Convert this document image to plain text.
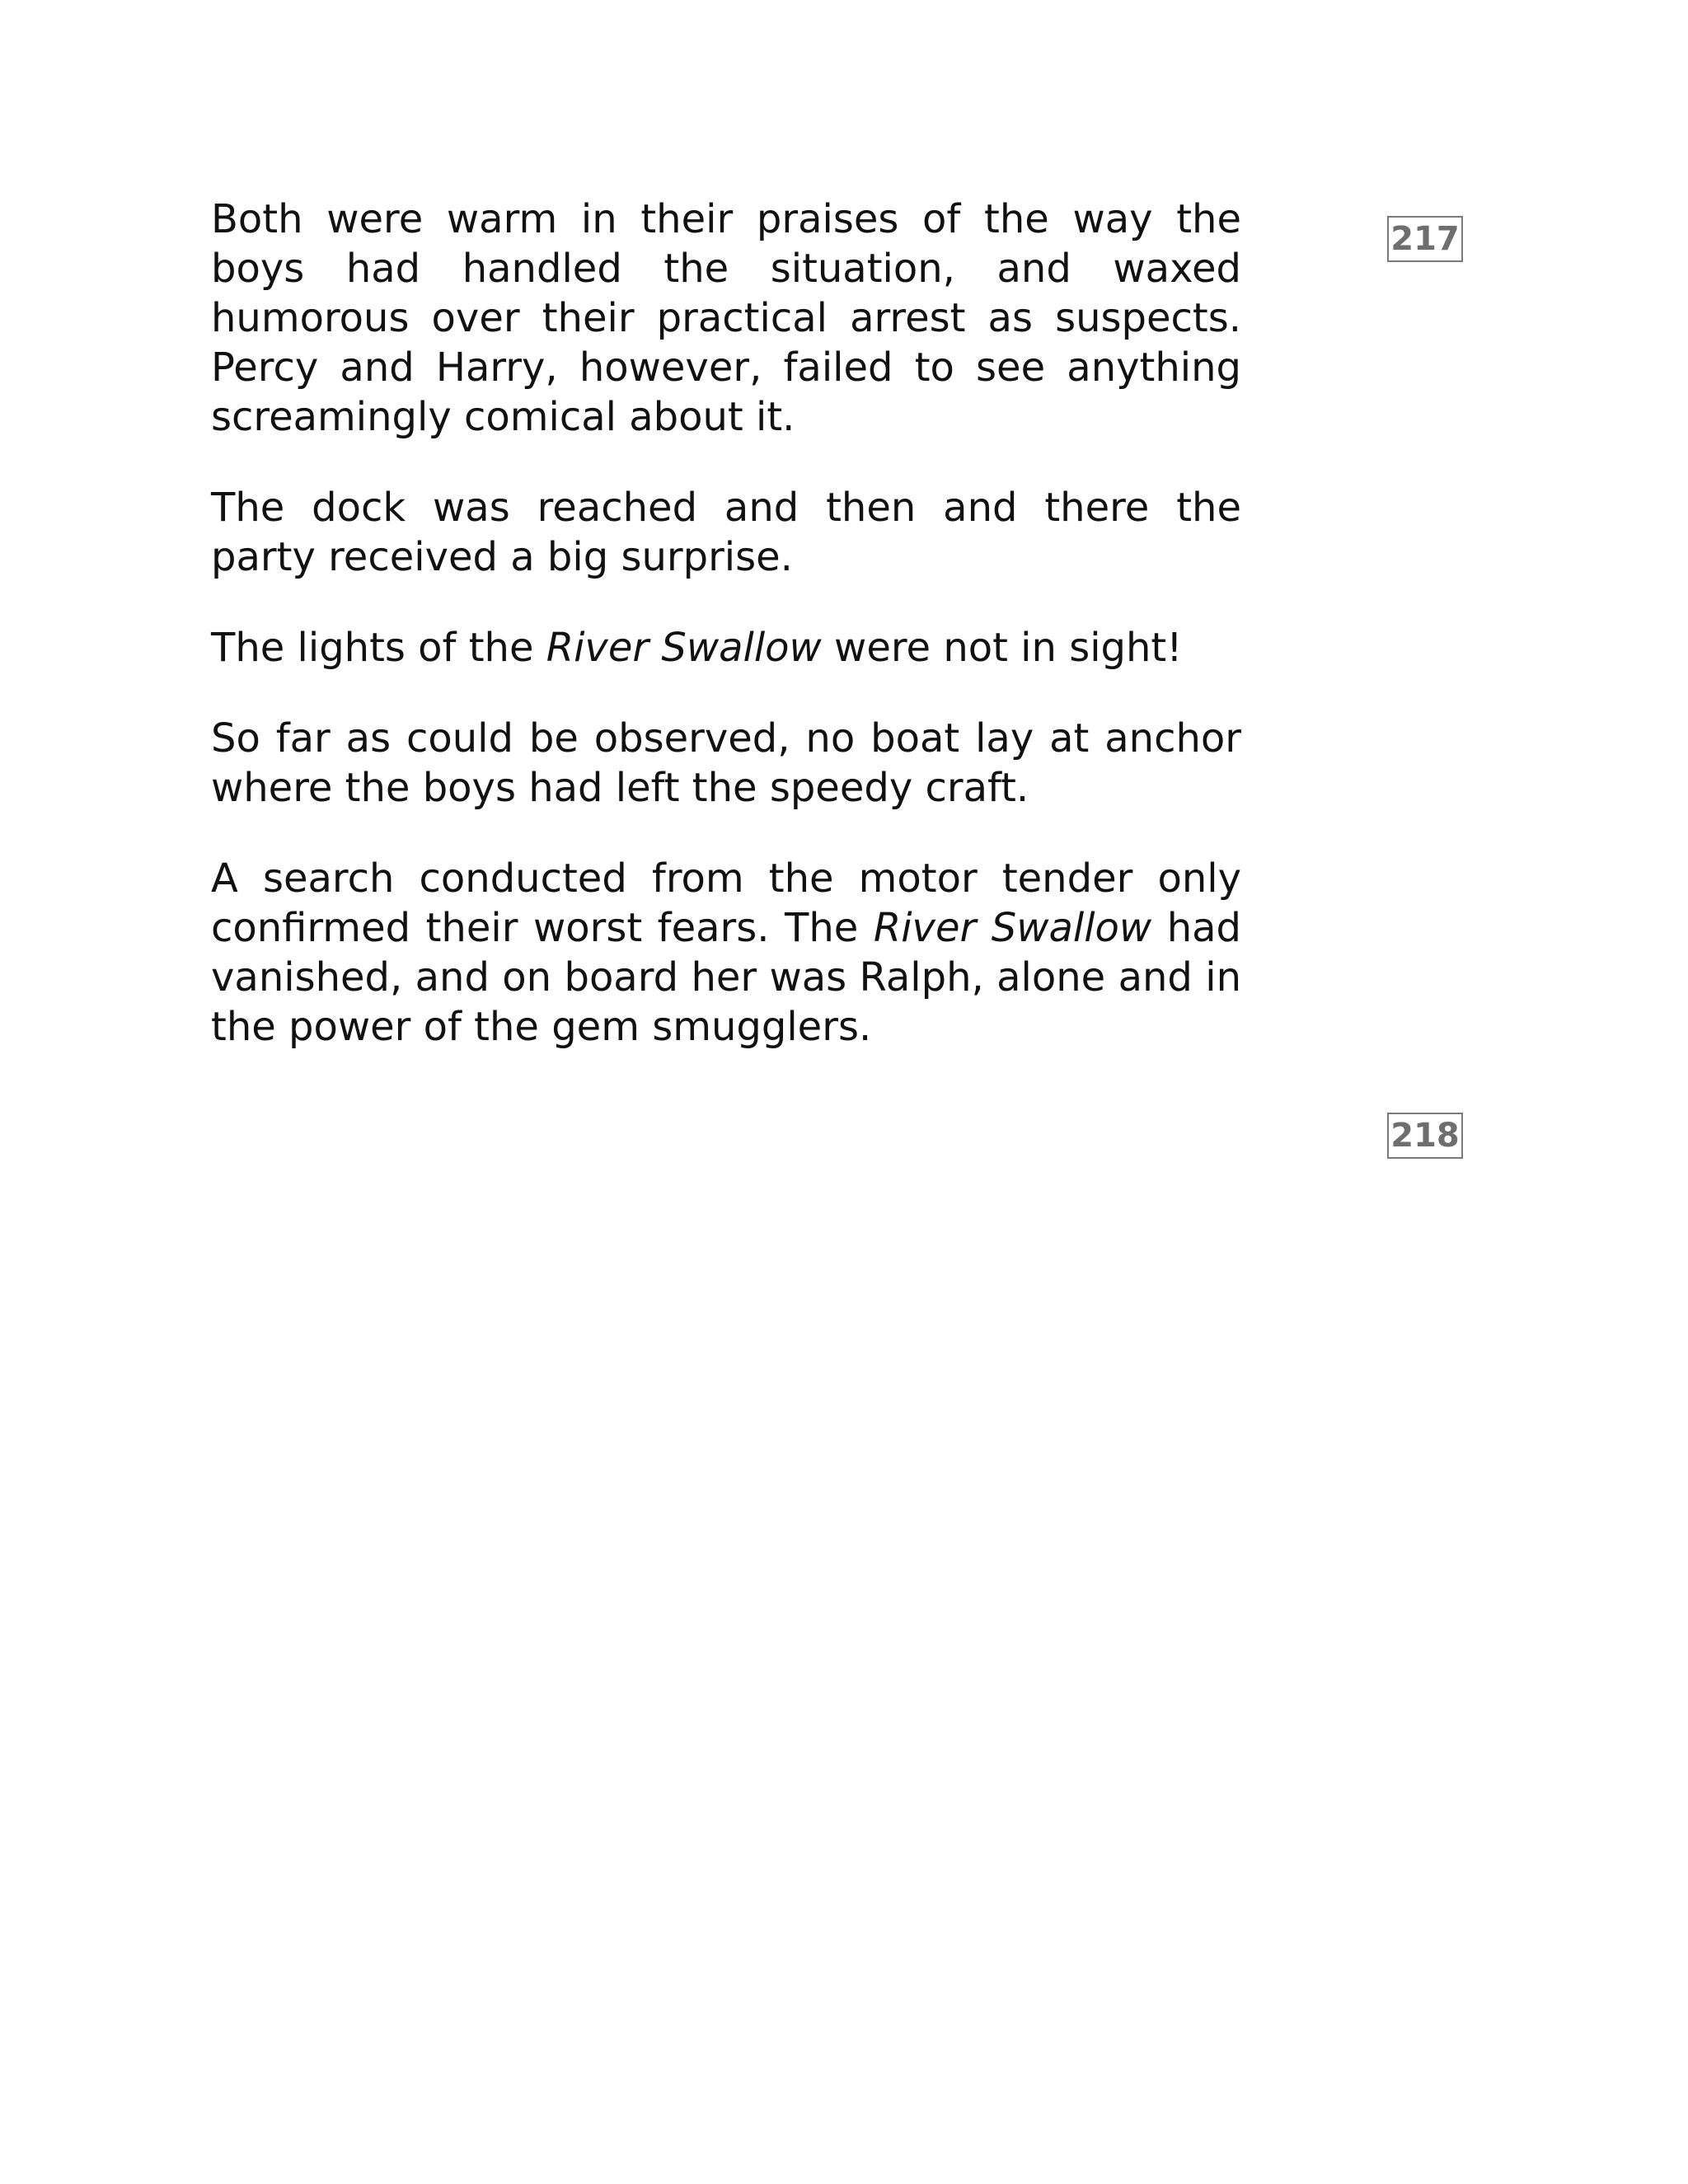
217

Both were warm in their praises of the way the boys had handled the situation, and waxed humorous over their practical arrest as suspects. Percy and Harry, however, failed to see anything screamingly comical about it.

The dock was reached and then and there the party received a big surprise.

The lights of the River Swallow were not in sight!

So far as could be observed, no boat lay at anchor where the boys had left the speedy craft.

A search conducted from the motor tender only confirmed their worst fears. The River Swallow had vanished, and on board her was Ralph, alone and in the power of the gem smugglers.

218
